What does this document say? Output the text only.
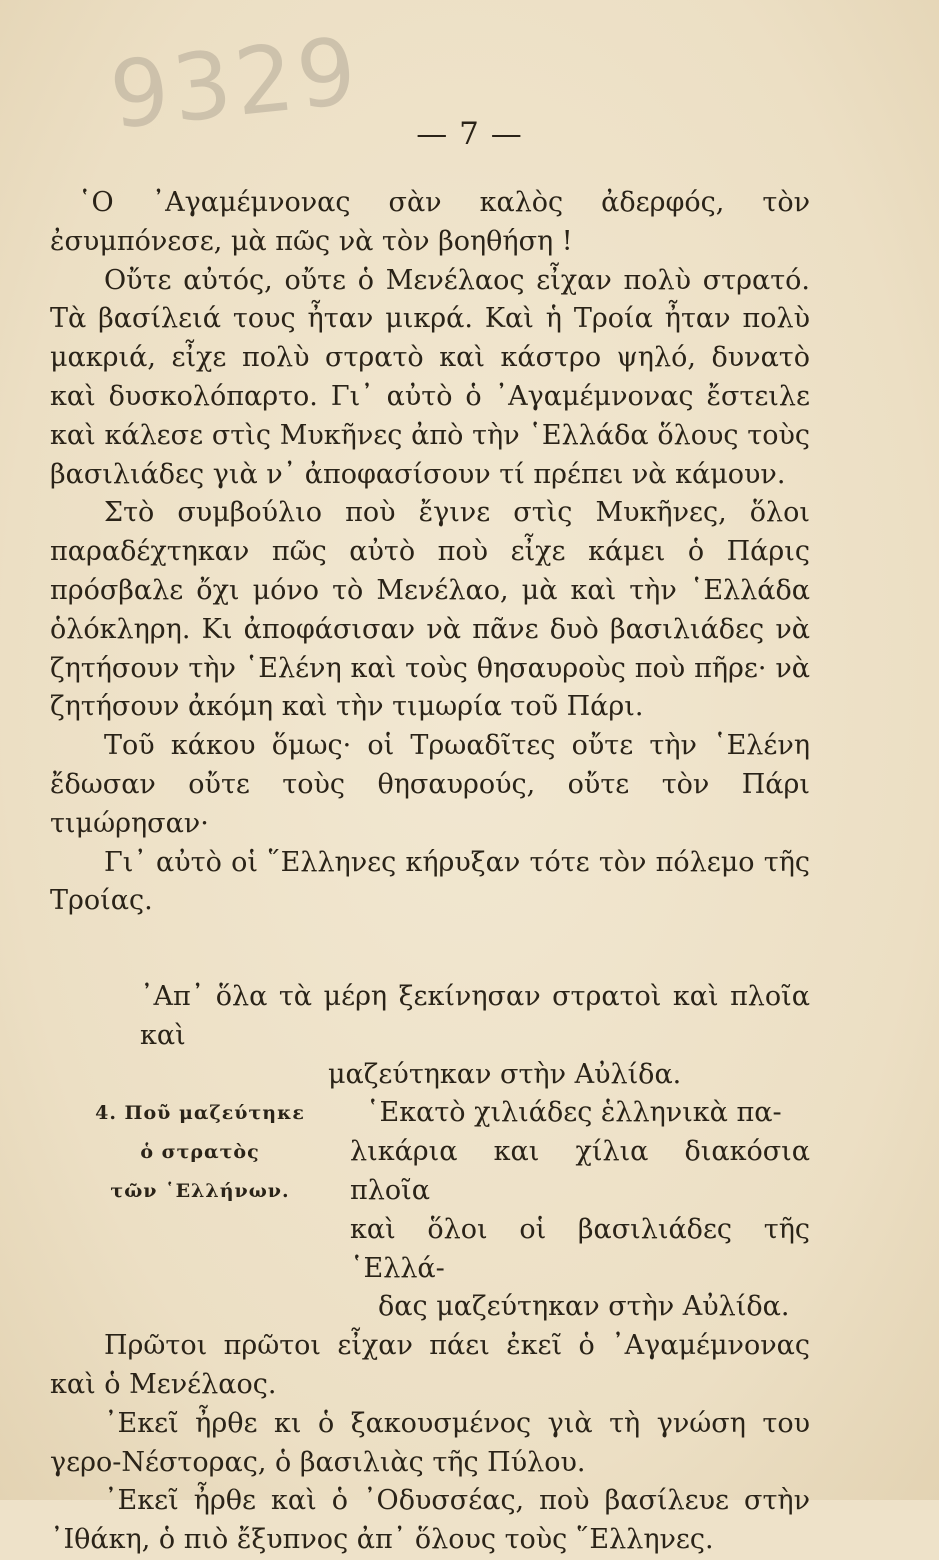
9329	— 7 —

῾Ο ᾿Αγαμέμνονας σὰν καλὸς ἀδερφός, τὸν ἐσυμπόνεσε, μὰ πῶς νὰ τὸν βοηθήση !

Οὔτε αὐτός, οὔτε ὁ Μενέλαος εἶχαν πολὺ στρατό. Τὰ βασίλειά τους ἦταν μικρά. Καὶ ἡ Τροία ἦταν πολὺ μακριά, εἶχε πολὺ στρατὸ καὶ κάστρο ψηλό, δυνατὸ καὶ δυσκολόπαρτο. Γι᾿ αὐτὸ ὁ ᾿Αγαμέμνονας ἔστειλε καὶ κάλεσε στὶς Μυκῆνες ἀπὸ τὴν ῾Ελλάδα ὅλους τοὺς βασιλιάδες γιὰ ν᾿ ἀποφασίσουν τί πρέπει νὰ κάμουν.

Στὸ συμβούλιο ποὺ ἔγινε στὶς Μυκῆνες, ὅλοι παραδέχτηκαν πῶς αὐτὸ ποὺ εἶχε κάμει ὁ Πάρις πρόσβαλε ὄχι μόνο τὸ Μενέλαο, μὰ καὶ τὴν ῾Ελλάδα ὁλόκληρη. Κι ἀποφάσισαν νὰ πᾶνε δυὸ βασιλιάδες νὰ ζητήσουν τὴν ῾Ελένη καὶ τοὺς θησαυροὺς ποὺ πῆρε· νὰ ζητήσουν ἀκόμη καὶ τὴν τιμωρία τοῦ Πάρι.

Τοῦ κάκου ὅμως· οἱ Τρωαδῖτες οὔτε τὴν ῾Ελένη ἔδωσαν οὔτε τοὺς θησαυρούς, οὔτε τὸν Πάρι τιμώρησαν·

Γι᾿ αὐτὸ οἱ ῞Ελληνες κήρυξαν τότε τὸν πόλεμο τῆς Τροίας.

᾿Απ᾿ ὅλα τὰ μέρη ξεκίνησαν στρατοὶ καὶ πλοῖα καὶ

μαζεύτηκαν στὴν Αὐλίδα.

4. Ποῦ μαζεύτηκε
ὁ στρατὸς
τῶν ῾Ελλήνων.
῾Εκατὸ χιλιάδες ἑλληνικὰ πα-
λικάρια και χίλια διακόσια πλοῖα
καὶ ὅλοι οἱ βασιλιάδες τῆς ῾Ελλά-
δας μαζεύτηκαν στὴν Αὐλίδα.

Πρῶτοι πρῶτοι εἶχαν πάει ἐκεῖ ὁ ᾿Αγαμέμνονας καὶ ὁ Μενέλαος.

᾿Εκεῖ ἦρθε κι ὁ ξακουσμένος γιὰ τὴ γνώση του γερο-Νέστορας, ὁ βασιλιὰς τῆς Πύλου.

᾿Εκεῖ ἦρθε καὶ ὁ ᾿Οδυσσέας, ποὺ βασίλευε στὴν ᾿Ιθάκη, ὁ πιὸ ἔξυπνος ἀπ᾿ ὅλους τοὺς ῞Ελληνες.
